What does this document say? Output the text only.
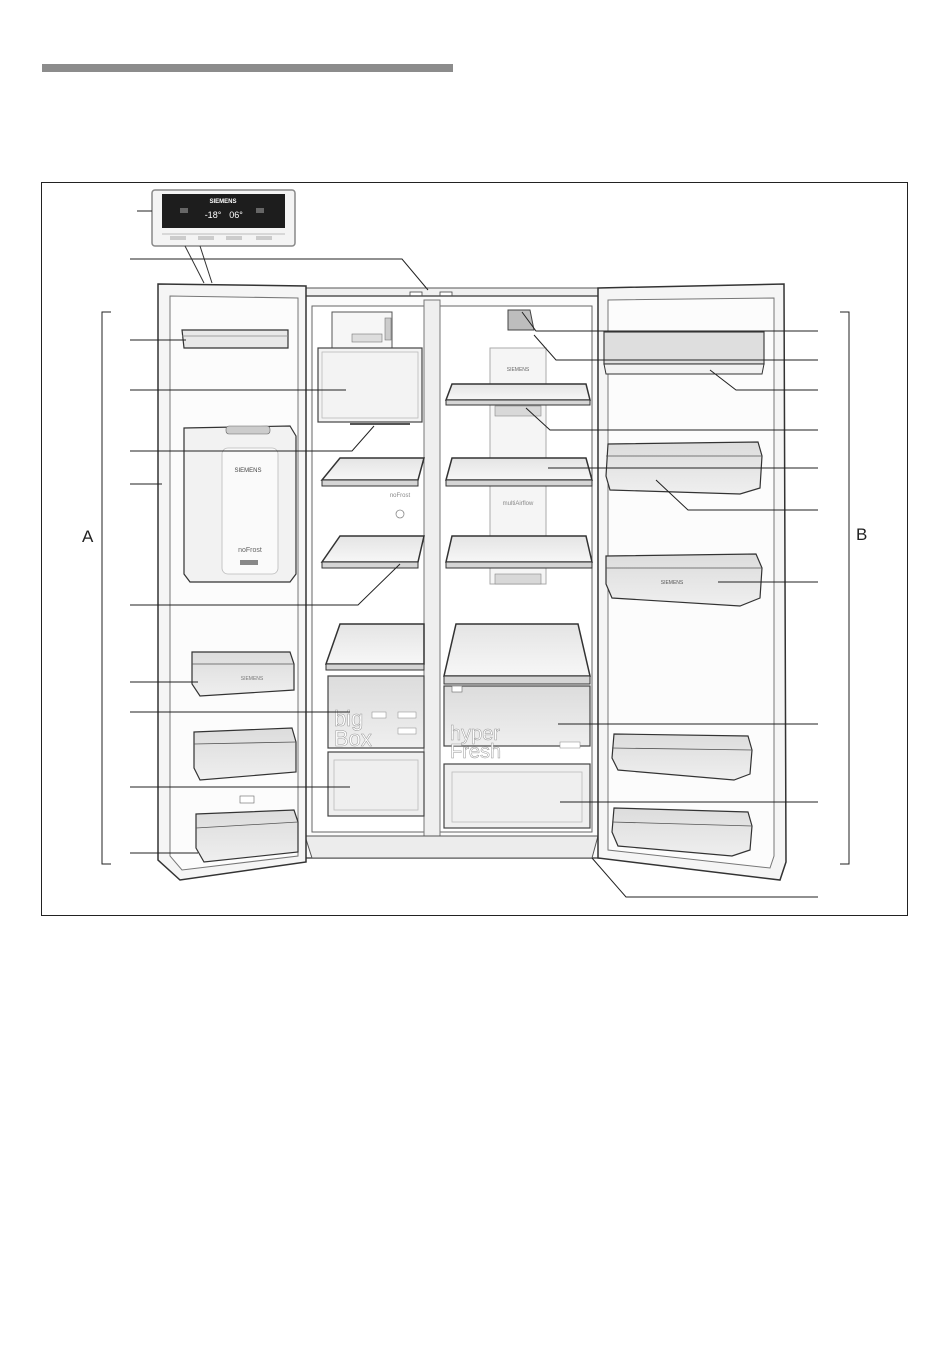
SIEMENS
-18° 06°
noFrost
big
Box
SIEMENS
multiAirflow
hyper
Fresh
SIEMENS
noFrost
SIEMENS
SIEMENS
A	B
